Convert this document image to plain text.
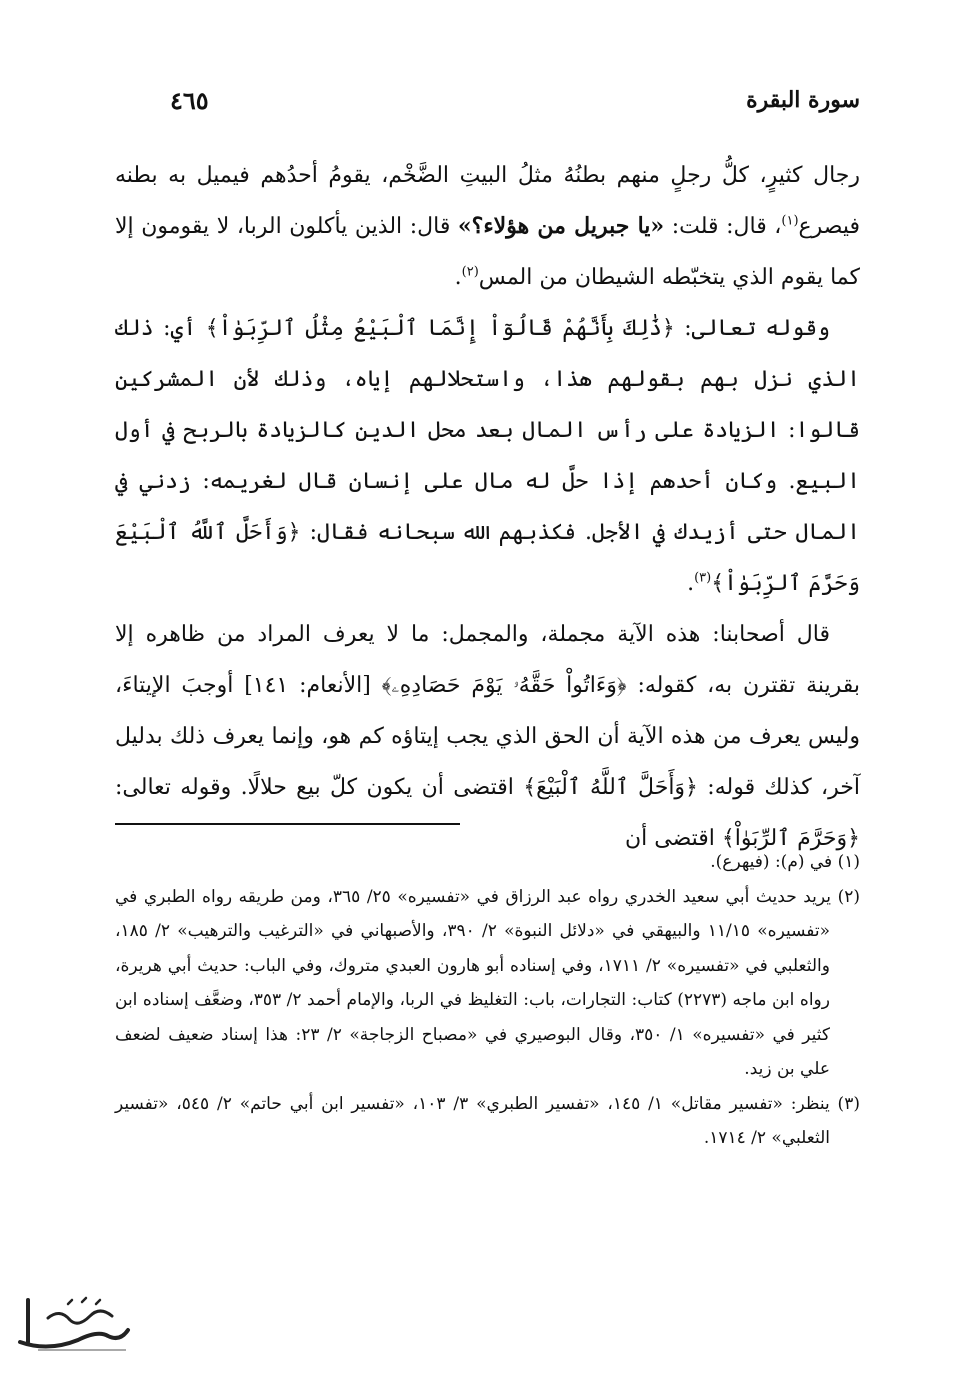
سورة البقرة
٤٦٥

رجال كثيرٍ، كلُّ رجلٍ منهم بطنُهُ مثلُ البيتِ الضَّخْم، يقومُ أحدُهم فيميل به بطنه فيصرع$^{(١)}$، قال: قلت: «يا جبريل من هؤلاء؟» قال: الذين يأكلون الربا، لا يقومون إلا كما يقوم الذي يتخبّطه الشيطان من المس$^{(٢)}$.

وقوله تعالى: ﴿ذَٰلِكَ بِأَنَّهُمْ قَالُوٓاْ إِنَّمَا ٱلْبَيْعُ مِثْلُ ٱلرِّبَوٰاْ﴾ أي: ذلك الذي نزل بهم بقولهم هذا، واستحلالهم إياه، وذلك لأن المشركين قالوا: الزيادة على رأس المال بعد محل الدين كالزيادة بالربح في أول البيع. وكان أحدهم إذا حلَّ له مال على إنسان قال لغريمه: زدني في المال حتى أزيدك في الأجل. فكذبهم الله سبحانه فقال: ﴿وَأَحَلَّ ٱللَّهُ ٱلْبَيْعَ وَحَرَّمَ ٱلرِّبَوٰاْ﴾$^{(٣)}$.

قال أصحابنا: هذه الآية مجملة، والمجمل: ما لا يعرف المراد من ظاهره إلا بقرينة تقترن به، كقوله: ﴿وَءَاتُواْ حَقَّهُۥ يَوْمَ حَصَادِهِۦ﴾ [الأنعام: ١٤١] أوجبَ الإيتاءَ، وليس يعرف من هذه الآية أن الحق الذي يجب إيتاؤه كم هو، وإنما يعرف ذلك بدليل آخر، كذلك قوله: ﴿وَأَحَلَّ ٱللَّهُ ٱلْبَيْعَ﴾ اقتضى أن يكون كلّ بيع حلالًا. وقوله تعالى: ﴿وَحَرَّمَ ٱلرِّبَوٰاْ﴾ اقتضى أن

(١) في (م): (فيهرع).

(٢) يريد حديث أبي سعيد الخدري رواه عبد الرزاق في «تفسيره» ٢٥/ ٣٦٥، ومن طريقه رواه الطبري في «تفسيره» ١١/١٥ والبيهقي في «دلائل النبوة» ٢/ ٣٩٠، والأصبهاني في «الترغيب والترهيب» ٢/ ١٨٥، والثعلبي في «تفسيره» ٢/ ١٧١١، وفي إسناده أبو هارون العبدي متروك، وفي الباب: حديث أبي هريرة، رواه ابن ماجه (٢٢٧٣) كتاب: التجارات، باب: التغليظ في الربا، والإمام أحمد ٢/ ٣٥٣، وضعَّف إسناده ابن كثير في «تفسيره» ١/ ٣٥٠، وقال البوصيري في «مصباح الزجاجة» ٢/ ٢٣: هذا إسناد ضعيف لضعف علي بن زيد.

(٣) ينظر: «تفسير مقاتل» ١/ ١٤٥، «تفسير الطبري» ٣/ ١٠٣، «تفسير ابن أبي حاتم» ٢/ ٥٤٥، «تفسير الثعلبي» ٢/ ١٧١٤.
